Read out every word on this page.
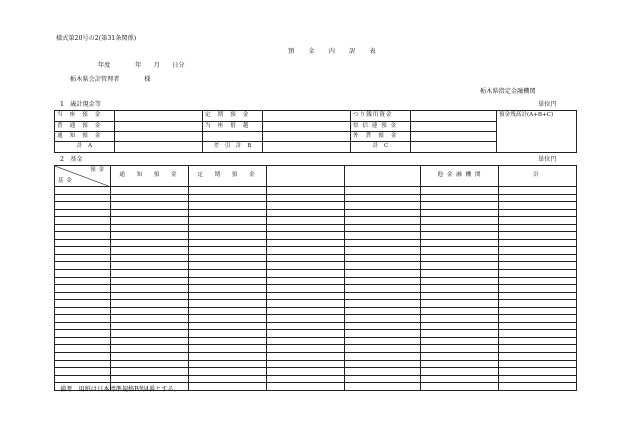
様式第20号の2(第31条関係)
預　金　内　訳　表
年度　　　　年　　月　　日分
栃木県会計管理者　　　　様
栃木県指定金融機関
1　歳計現金等	単位円
当 座 預 金		定 期 預 金		つり銭用資金		預金残高計(A+B+C)
普 通 預 金		当 座 借 越		県 信 連 預 金		
通 知 預 金				外 貨 預 金		
計　A		差　引　計　B		計　C		
2　基金	単位円
預金
基金	通　知　預　金	定　期　預　金			他 金 融 機 関	計

備考　用紙は日本標準規格B列4番とする。
